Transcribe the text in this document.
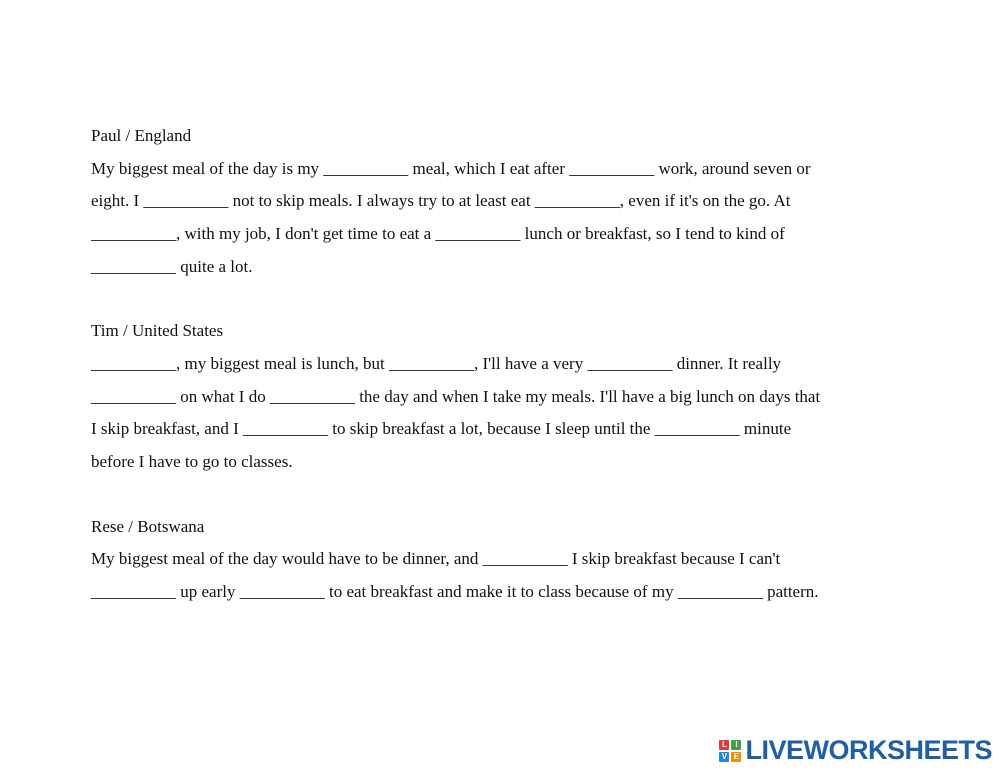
Paul / England
My biggest meal of the day is my __________ meal, which I eat after __________ work, around seven or
eight. I __________ not to skip meals. I always try to at least eat __________, even if it's on the go. At
__________, with my job, I don't get time to eat a __________ lunch or breakfast, so I tend to kind of
__________ quite a lot.
Tim / United States
__________, my biggest meal is lunch, but __________, I'll have a very __________ dinner. It really
__________ on what I do __________ the day and when I take my meals. I'll have a big lunch on days that
I skip breakfast, and I __________ to skip breakfast a lot, because I sleep until the __________ minute
before I have to go to classes.
Rese / Botswana
My biggest meal of the day would have to be dinner, and __________ I skip breakfast because I can't
__________ up early __________ to eat breakfast and make it to class because of my __________ pattern.
L	I
V E LIVEWORKSHEETS
